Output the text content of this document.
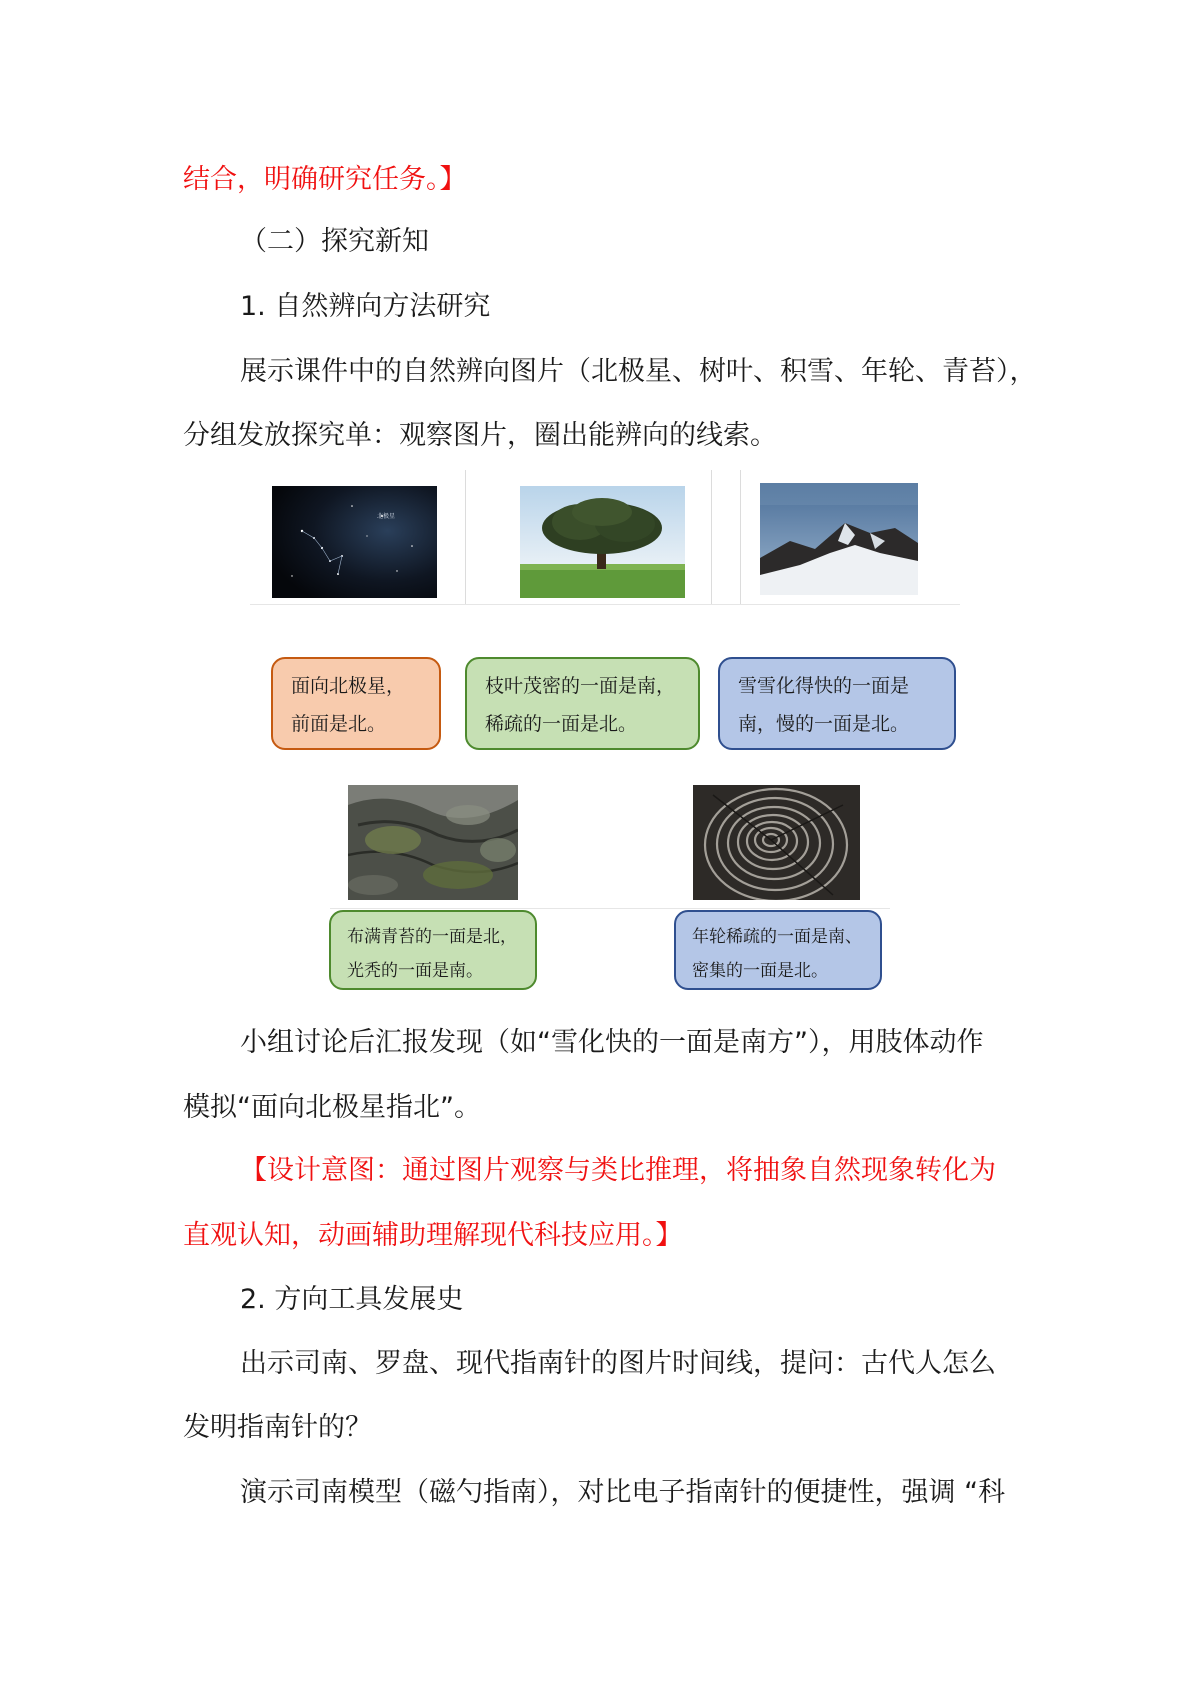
结合，明确研究任务。】
（二）探究新知
1. 自然辨向方法研究
展示课件中的自然辨向图片（北极星、树叶、积雪、年轮、青苔），
分组发放探究单：观察图片，圈出能辨向的线索。
北极星
面向北极星，
前面是北。
枝叶茂密的一面是南，
稀疏的一面是北。
雪雪化得快的一面是
南，慢的一面是北。
布满青苔的一面是北，
光秃的一面是南。
年轮稀疏的一面是南、
密集的一面是北。
小组讨论后汇报发现（如“雪化快的一面是南方”），用肢体动作
模拟“面向北极星指北”。
【设计意图：通过图片观察与类比推理，将抽象自然现象转化为
直观认知，动画辅助理解现代科技应用。】
2. 方向工具发展史
出示司南、罗盘、现代指南针的图片时间线，提问：古代人怎么
发明指南针的？
演示司南模型（磁勺指南），对比电子指南针的便捷性，强调 “科
